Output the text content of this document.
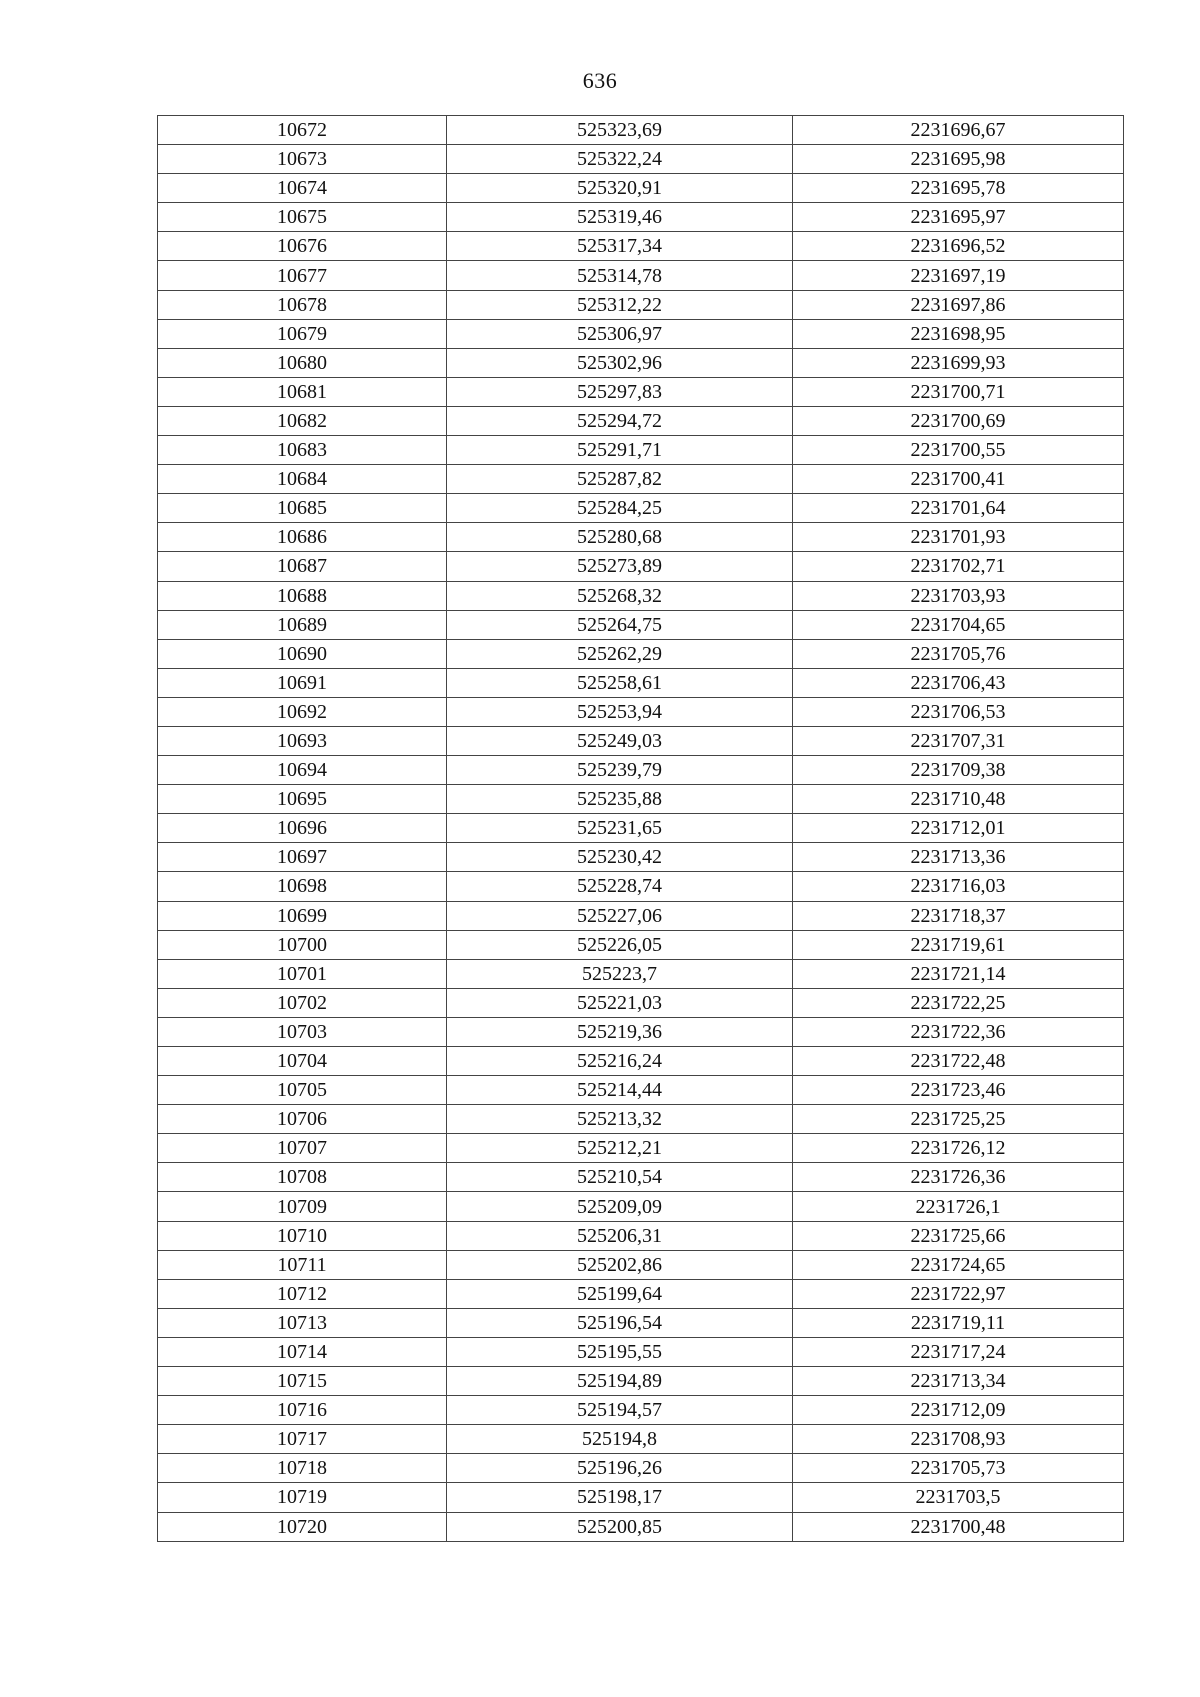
636
10672	525323,69	2231696,67
10673	525322,24	2231695,98
10674	525320,91	2231695,78
10675	525319,46	2231695,97
10676	525317,34	2231696,52
10677	525314,78	2231697,19
10678	525312,22	2231697,86
10679	525306,97	2231698,95
10680	525302,96	2231699,93
10681	525297,83	2231700,71
10682	525294,72	2231700,69
10683	525291,71	2231700,55
10684	525287,82	2231700,41
10685	525284,25	2231701,64
10686	525280,68	2231701,93
10687	525273,89	2231702,71
10688	525268,32	2231703,93
10689	525264,75	2231704,65
10690	525262,29	2231705,76
10691	525258,61	2231706,43
10692	525253,94	2231706,53
10693	525249,03	2231707,31
10694	525239,79	2231709,38
10695	525235,88	2231710,48
10696	525231,65	2231712,01
10697	525230,42	2231713,36
10698	525228,74	2231716,03
10699	525227,06	2231718,37
10700	525226,05	2231719,61
10701	525223,7	2231721,14
10702	525221,03	2231722,25
10703	525219,36	2231722,36
10704	525216,24	2231722,48
10705	525214,44	2231723,46
10706	525213,32	2231725,25
10707	525212,21	2231726,12
10708	525210,54	2231726,36
10709	525209,09	2231726,1
10710	525206,31	2231725,66
10711	525202,86	2231724,65
10712	525199,64	2231722,97
10713	525196,54	2231719,11
10714	525195,55	2231717,24
10715	525194,89	2231713,34
10716	525194,57	2231712,09
10717	525194,8	2231708,93
10718	525196,26	2231705,73
10719	525198,17	2231703,5
10720	525200,85	2231700,48
